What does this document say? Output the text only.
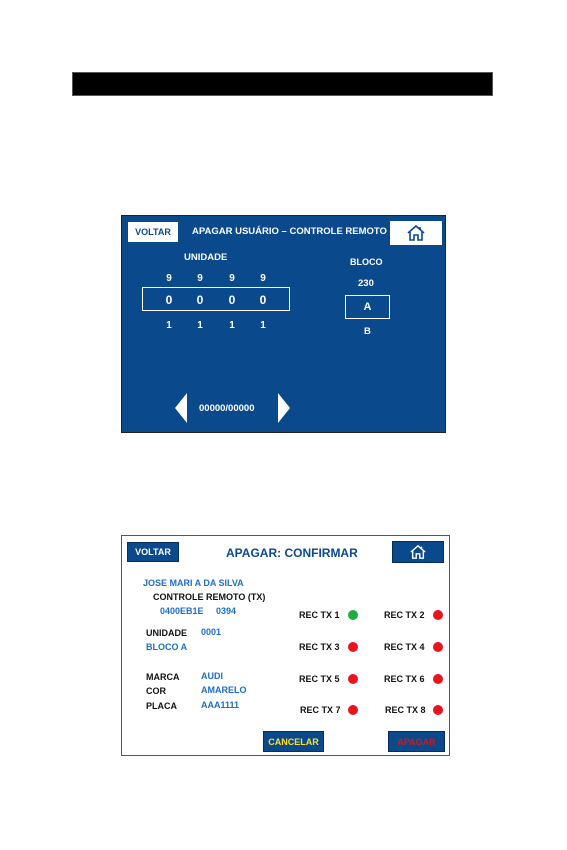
VOLTAR	APAGAR USUÁRIO – CONTROLE REMOTO
UNIDADE
9	9	9	9
0	0	0	0
1	1	1	1
BLOCO
230
A
B
00000/00000
VOLTAR	APAGAR: CONFIRMAR
JOSE MARI A DA SILVA
CONTROLE REMOTO (TX)
0400EB1E 0394
UNIDADE 0001
BLOCO A
MARCA AUDI
COR	AMARELO
PLACA	AAA1111
REC TX 1	REC TX 2
REC TX 3	REC TX 4
REC TX 5	REC TX 6
REC TX 7	REC TX 8
CANCELAR	APAGAR
